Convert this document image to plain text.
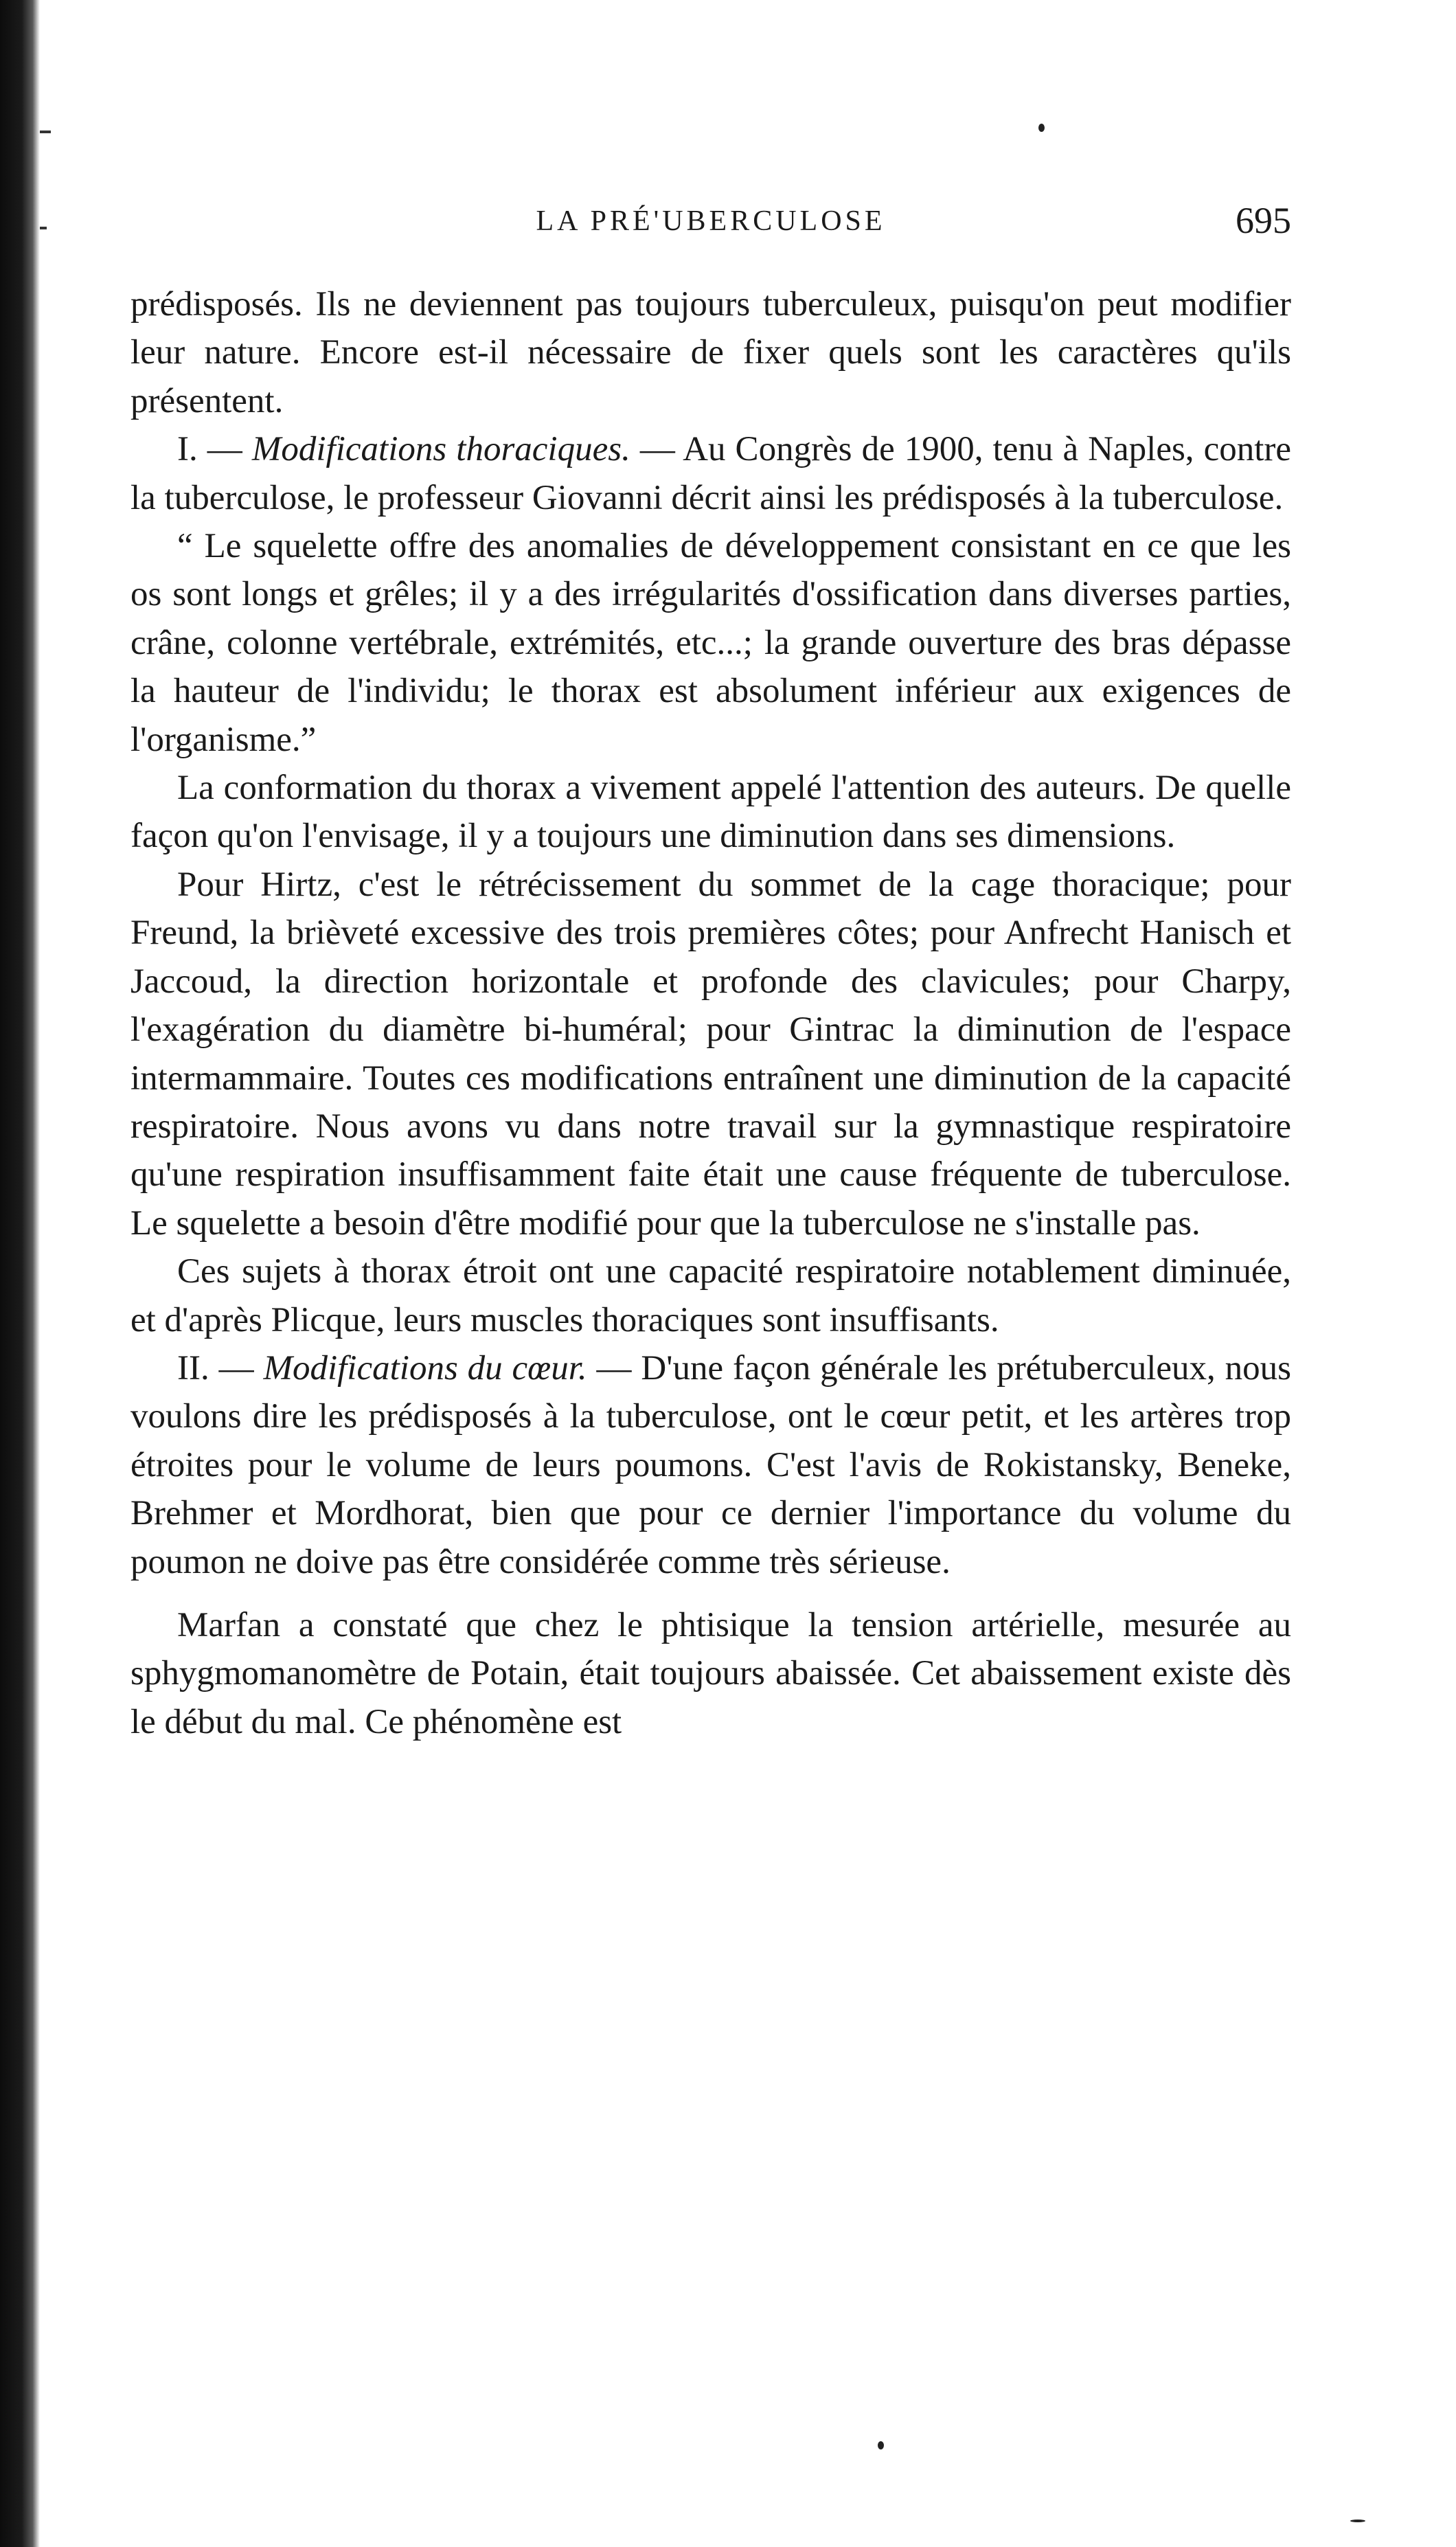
LA PRÉ'UBERCULOSE	695

prédisposés. Ils ne deviennent pas toujours tuberculeux, puisqu'on peut modifier leur nature. Encore est-il nécessaire de fixer quels sont les caractères qu'ils présentent.

I. — Modifications thoraciques. — Au Congrès de 1900, tenu à Naples, contre la tuberculose, le professeur Giovanni décrit ainsi les prédisposés à la tuberculose.

“ Le squelette offre des anomalies de développement consistant en ce que les os sont longs et grêles; il y a des irrégularités d'ossification dans diverses parties, crâne, colonne vertébrale, extrémités, etc...; la grande ouverture des bras dépasse la hauteur de l'individu; le thorax est absolument inférieur aux exigences de l'organisme.”

La conformation du thorax a vivement appelé l'attention des auteurs. De quelle façon qu'on l'envisage, il y a toujours une diminution dans ses dimensions.

Pour Hirtz, c'est le rétrécissement du sommet de la cage thoracique; pour Freund, la brièveté excessive des trois premières côtes; pour Anfrecht Hanisch et Jaccoud, la direction horizontale et profonde des clavicules; pour Charpy, l'exagération du diamètre bi-huméral; pour Gintrac la diminution de l'espace intermammaire. Toutes ces modifications entraînent une diminution de la capacité respiratoire. Nous avons vu dans notre travail sur la gymnastique respiratoire qu'une respiration insuffisamment faite était une cause fréquente de tuberculose. Le squelette a besoin d'être modifié pour que la tuberculose ne s'installe pas.

Ces sujets à thorax étroit ont une capacité respiratoire notablement diminuée, et d'après Plicque, leurs muscles thoraciques sont insuffisants.

II. — Modifications du cœur. — D'une façon générale les prétuberculeux, nous voulons dire les prédisposés à la tuberculose, ont le cœur petit, et les artères trop étroites pour le volume de leurs poumons. C'est l'avis de Rokistansky, Beneke, Brehmer et Mordhorat, bien que pour ce dernier l'importance du volume du poumon ne doive pas être considérée comme très sérieuse.

Marfan a constaté que chez le phtisique la tension artérielle, mesurée au sphygmomanomètre de Potain, était toujours abaissée. Cet abaissement existe dès le début du mal. Ce phénomène est
